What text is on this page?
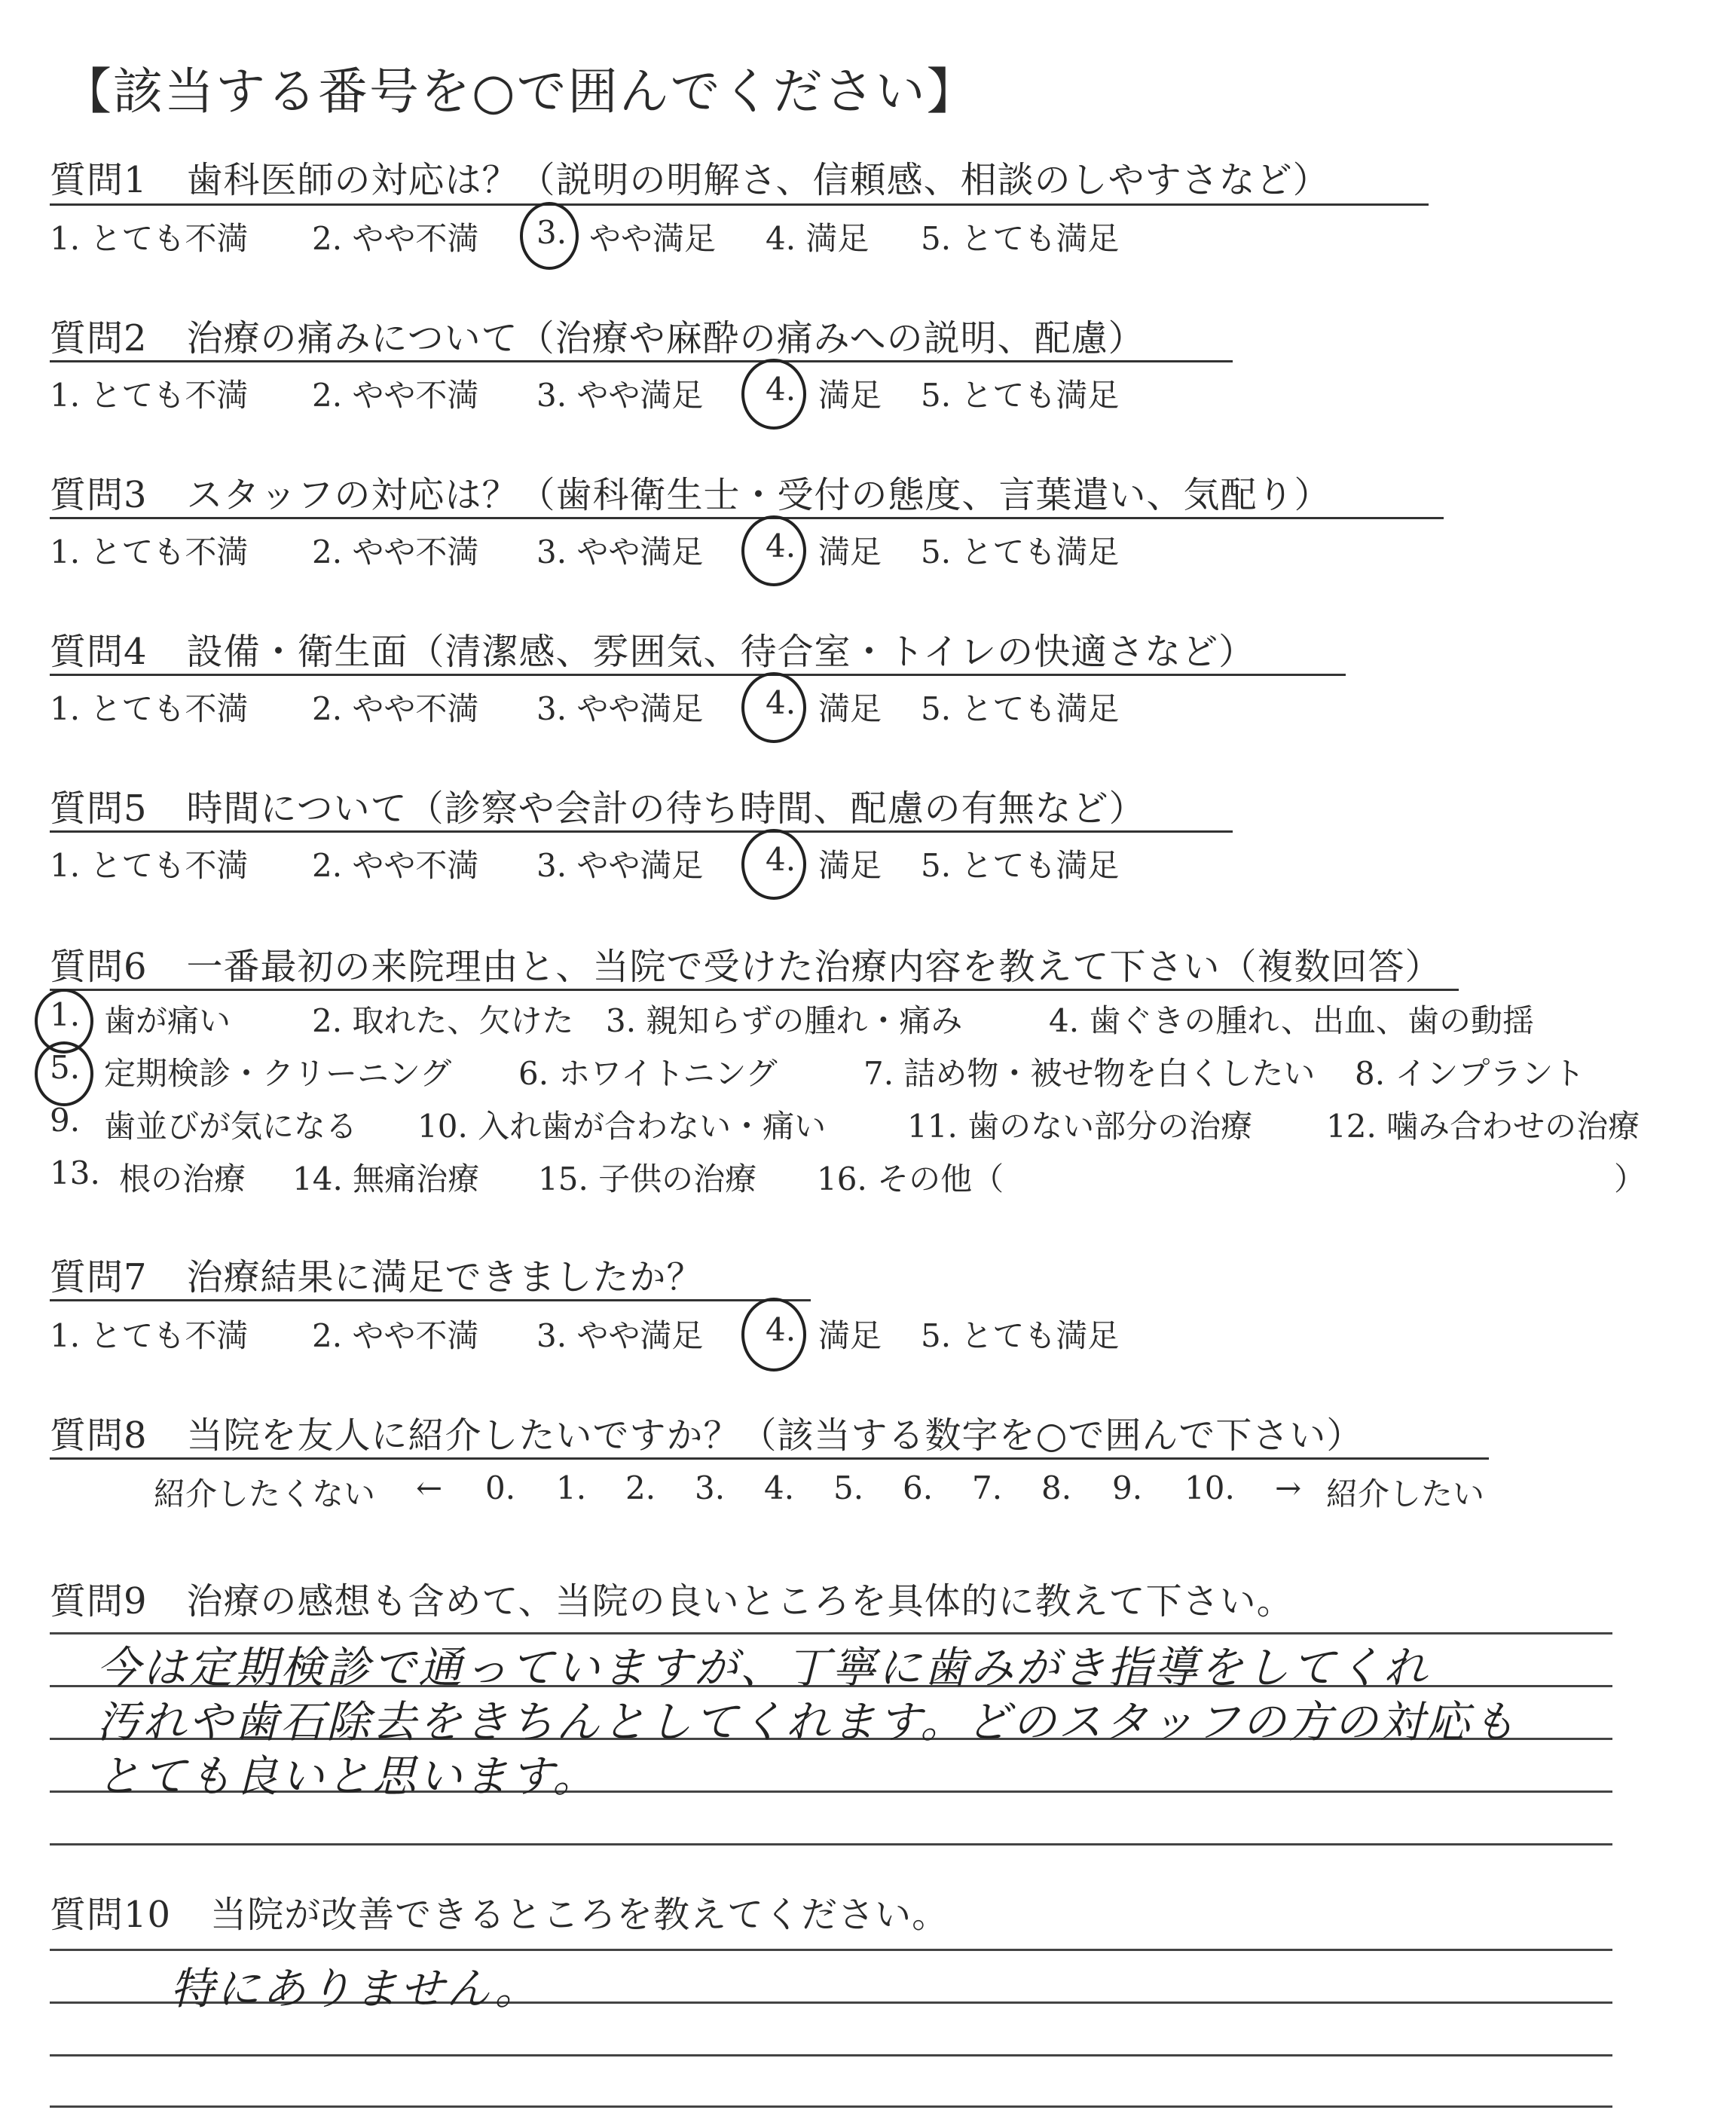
【該当する番号を○で囲んでください】
質問1 歯科医師の対応は？（説明の明解さ、信頼感、相談のしやすさなど）
1. とても不満 2. やや不満 3. やや満足 4. 満足 5. とても満足
質問2 治療の痛みについて（治療や麻酔の痛みへの説明、配慮）
1. とても不満 2. やや不満 3. やや満足 4. 満足 5. とても満足
質問3 スタッフの対応は？（歯科衛生士・受付の態度、言葉遣い、気配り）
1. とても不満 2. やや不満 3. やや満足 4. 満足 5. とても満足
質問4 設備・衛生面（清潔感、雰囲気、待合室・トイレの快適さなど）
1. とても不満 2. やや不満 3. やや満足 4. 満足 5. とても満足
質問5 時間について（診察や会計の待ち時間、配慮の有無など）
1. とても不満 2. やや不満 3. やや満足 4. 満足 5. とても満足
質問6 一番最初の来院理由と、当院で受けた治療内容を教えて下さい（複数回答）
1. 歯が痛い	2. 取れた、欠けた 3. 親知らずの腫れ・痛み	4. 歯ぐきの腫れ、出血、歯の動揺
5. 定期検診・クリーニング 6. ホワイトニング	7. 詰め物・被せ物を白くしたい 8. インプラント
9. 歯並びが気になる 10. 入れ歯が合わない・痛い	11. 歯のない部分の治療 12. 噛み合わせの治療
13. 根の治療 14. 無痛治療 15. 子供の治療 16. その他（	）
質問7 治療結果に満足できましたか？
1. とても不満 2. やや不満 3. やや満足 4. 満足 5. とても満足
質問8 当院を友人に紹介したいですか？（該当する数字を○で囲んで下さい）
紹介したくない ← 0. 1. 2. 3. 4. 5. 6. 7. 8. 9. 10. → 紹介したい
質問9 治療の感想も含めて、当院の良いところを具体的に教えて下さい。
今は定期検診で通っていますが、丁寧に歯みがき指導をしてくれ
汚れや歯石除去をきちんとしてくれます。どのスタッフの方の対応も
とても良いと思います。
質問10 当院が改善できるところを教えてください。
特にありません。
